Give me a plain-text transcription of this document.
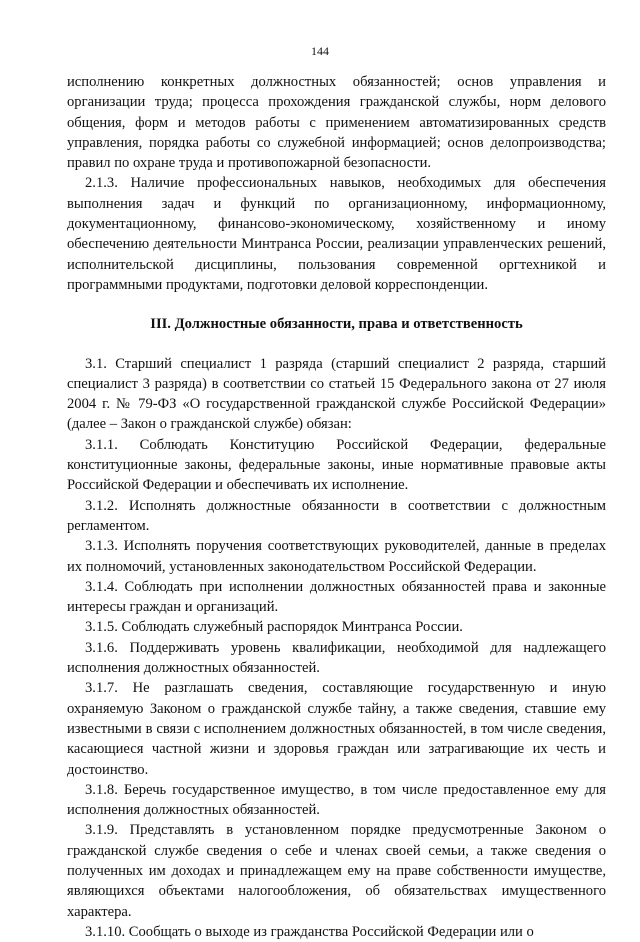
144

исполнению конкретных должностных обязанностей; основ управления и организации труда; процесса прохождения гражданской службы, норм делового общения, форм и методов работы с применением автоматизированных средств управления, порядка работы со служебной информацией; основ делопроизводства; правил по охране труда и противопожарной безопасности.

2.1.3. Наличие профессиональных навыков, необходимых для обеспечения выполнения задач и функций по организационному, информационному, документационному, финансово-экономическому, хозяйственному и иному обеспечению деятельности Минтранса России, реализации управленческих решений, исполнительской дисциплины, пользования современной оргтехникой и программными продуктами, подготовки деловой корреспонденции.

III. Должностные обязанности, права и ответственность

3.1. Старший специалист 1 разряда (старший специалист 2 разряда, старший специалист 3 разряда) в соответствии со статьей 15 Федерального закона от 27 июля 2004 г. № 79-ФЗ «О государственной гражданской службе Российской Федерации» (далее – Закон о гражданской службе) обязан:

3.1.1. Соблюдать Конституцию Российской Федерации, федеральные конституционные законы, федеральные законы, иные нормативные правовые акты Российской Федерации и обеспечивать их исполнение.

3.1.2. Исполнять должностные обязанности в соответствии с должностным регламентом.

3.1.3. Исполнять поручения соответствующих руководителей, данные в пределах их полномочий, установленных законодательством Российской Федерации.

3.1.4. Соблюдать при исполнении должностных обязанностей права и законные интересы граждан и организаций.

3.1.5. Соблюдать служебный распорядок Минтранса России.

3.1.6. Поддерживать уровень квалификации, необходимой для надлежащего исполнения должностных обязанностей.

3.1.7. Не разглашать сведения, составляющие государственную и иную охраняемую Законом о гражданской службе тайну, а также сведения, ставшие ему известными в связи с исполнением должностных обязанностей, в том числе сведения, касающиеся частной жизни и здоровья граждан или затрагивающие их честь и достоинство.

3.1.8. Беречь государственное имущество, в том числе предоставленное ему для исполнения должностных обязанностей.

3.1.9. Представлять в установленном порядке предусмотренные Законом о гражданской службе сведения о себе и членах своей семьи, а также сведения о полученных им доходах и принадлежащем ему на праве собственности имуществе, являющихся объектами налогообложения, об обязательствах имущественного характера.

3.1.10. Сообщать о выходе из гражданства Российской Федерации или о
